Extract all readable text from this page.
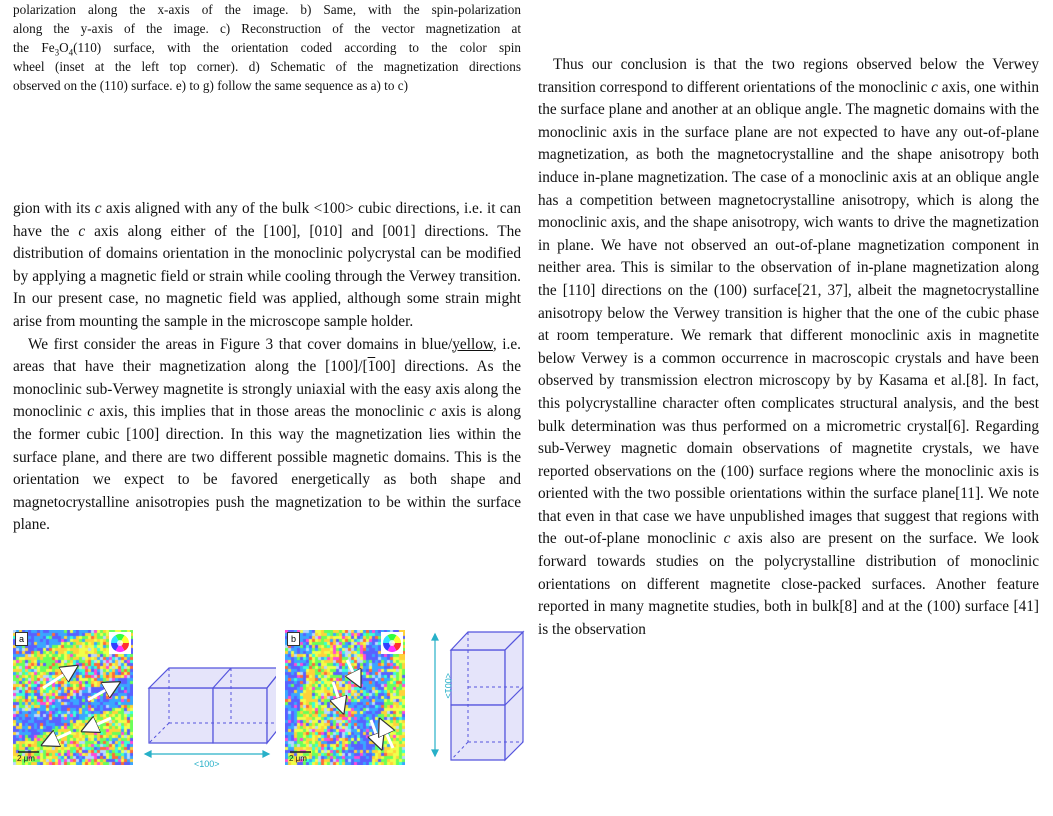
polarization along the x-axis of the image. b) Same, with the spin-polarization
along the y-axis of the image. c) Reconstruction of the vector magnetization at
the $Fe_3O_4(110)$ surface, with the orientation coded according to the color spin
wheel (inset at the left top corner). d) Schematic of the magnetization directions
observed on the (110) surface. e) to g) follow the same sequence as a) to c)

gion with its c axis aligned with any of the bulk <100> cubic directions, i.e. it can have the c axis along either of the [100], [010] and [001] directions. The distribution of domains orientation in the monoclinic polycrystal can be modified by applying a magnetic field or strain while cooling through the Verwey transition. In our present case, no magnetic field was applied, although some strain might arise from mounting the sample in the microscope sample holder.

We first consider the areas in Figure 3 that cover domains in blue/yellow, i.e. areas that have their magnetization along the [100]/[100] directions. As the monoclinic sub-Verwey magnetite is strongly uniaxial with the easy axis along the monoclinic c axis, this implies that in those areas the monoclinic c axis is along the former cubic [100] direction. In this way the magnetization lies within the surface plane, and there are two different possible magnetic domains. This is the orientation we expect to be favored energetically as both shape and magnetocrystalline anisotropies push the magnetization to be within the surface plane.

Thus our conclusion is that the two regions observed below the Verwey transition correspond to different orientations of the monoclinic c axis, one within the surface plane and another at an oblique angle. The magnetic domains with the monoclinic axis in the surface plane are not expected to have any out-of-plane magnetization, as both the magnetocrystalline and the shape anisotropy both induce in-plane magnetization. The case of a monoclinic axis at an oblique angle has a competition between magnetocrystalline anisotropy, which is along the monoclinic axis, and the shape anisotropy, wich wants to drive the magnetization in plane. We have not observed an out-of-plane magnetization component in neither area. This is similar to the observation of in-plane magnetization along the [110] directions on the (100) surface[21, 37], albeit the magnetocrystalline anisotropy below the Verwey transition is higher that the one of the cubic phase at room temperature. We remark that different monoclinic axis in magnetite below Verwey is a common occurrence in macroscopic crystals and have been observed by transmission electron microscopy by by Kasama et al.[8]. In fact, this polycrystalline character often complicates structural analysis, and the best bulk determination was thus performed on a micrometric crystal[6]. Regarding sub-Verwey magnetic domain observations of magnetite crystals, we have reported observations on the (100) surface regions where the monoclinic axis is oriented with the two possible orientations within the surface plane[11]. We note that even in that case we have unpublished images that suggest that regions with the out-of-plane monoclinic c axis also are present on the surface. We look forward towards studies on the polycrystalline distribution of monoclinic orientations on different magnetite close-packed surfaces. Another feature reported in many magnetite studies, both in bulk[8] and at the (100) surface [41] is the observation

a
2 μm
<100>
b
2 μm
<001>
